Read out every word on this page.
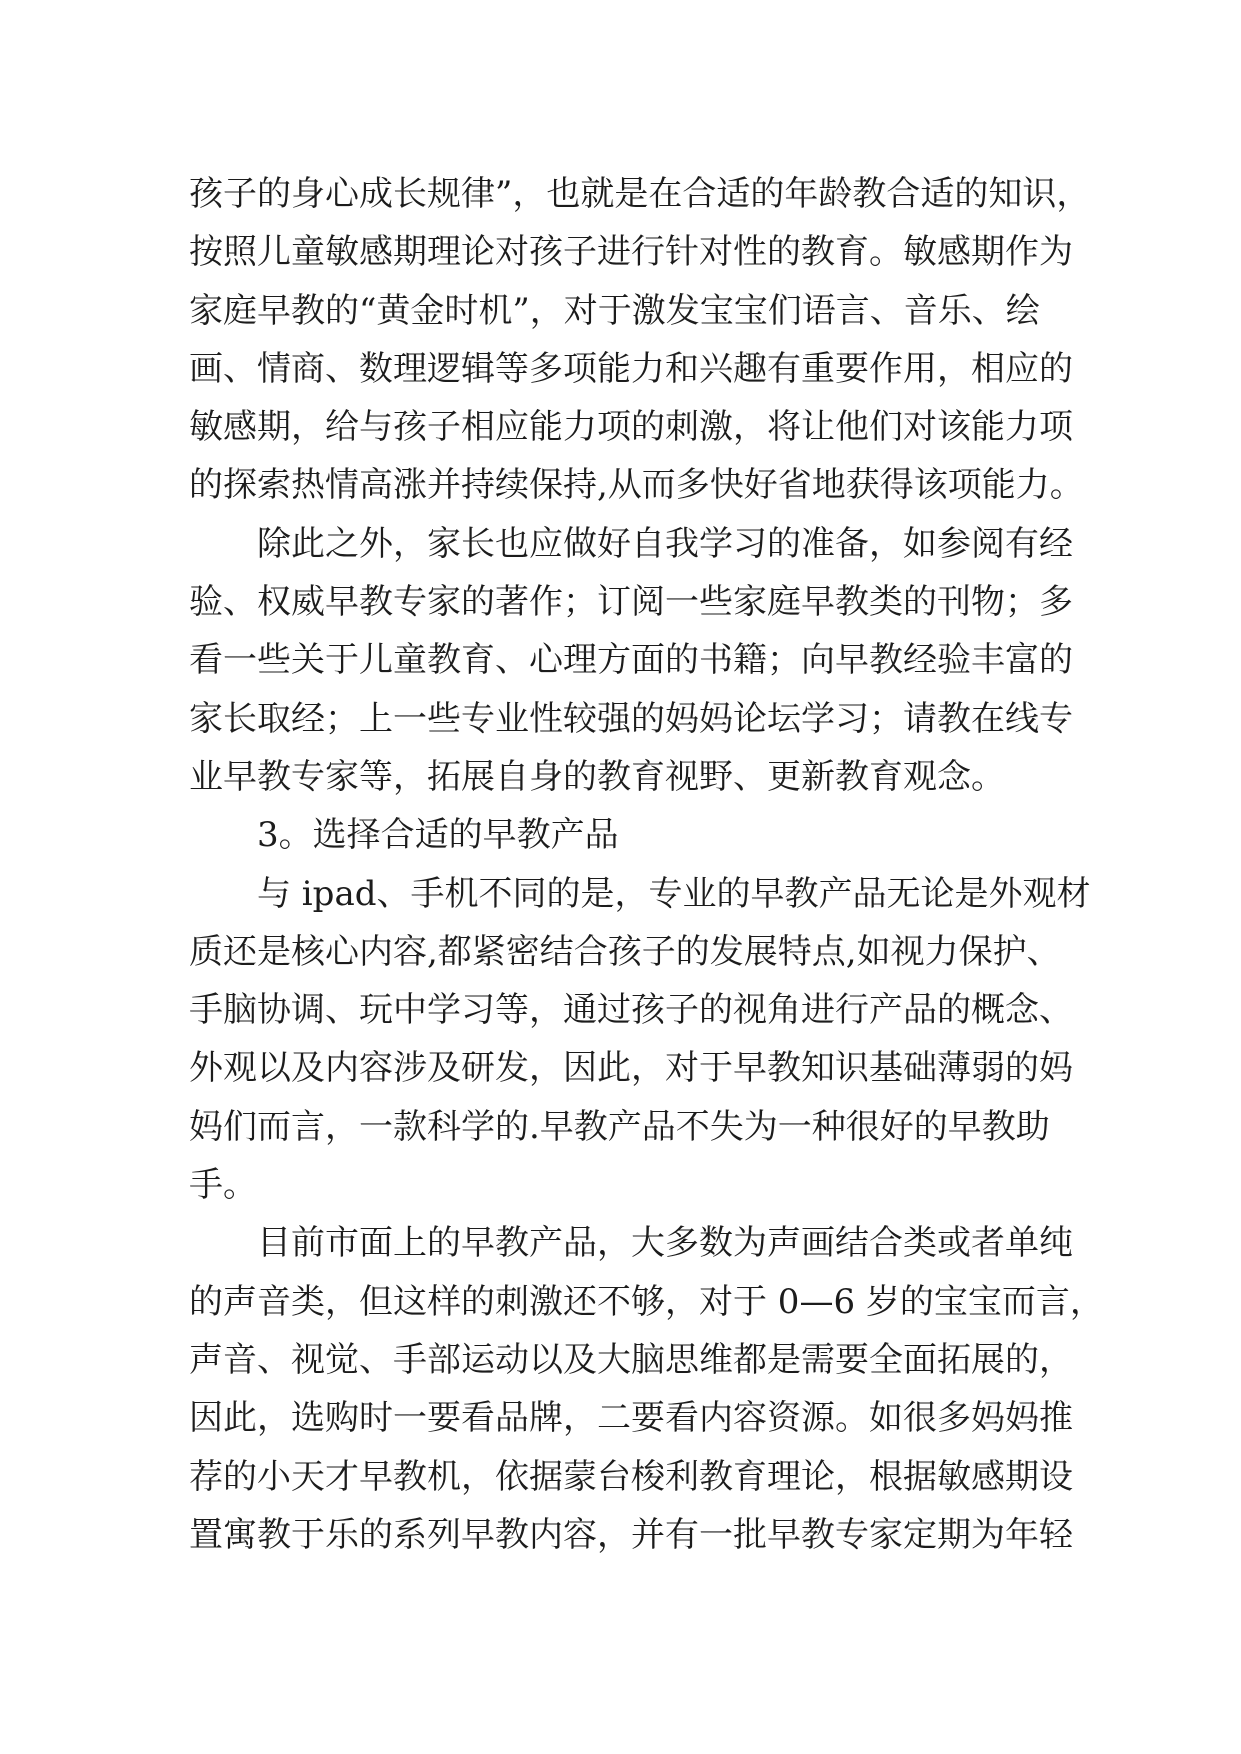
孩子的身心成长规律”，也就是在合适的年龄教合适的知识，
按照儿童敏感期理论对孩子进行针对性的教育。敏感期作为
家庭早教的“黄金时机”，对于激发宝宝们语言、音乐、绘
画、情商、数理逻辑等多项能力和兴趣有重要作用，相应的
敏感期，给与孩子相应能力项的刺激，将让他们对该能力项
的探索热情高涨并持续保持,从而多快好省地获得该项能力。
除此之外，家长也应做好自我学习的准备，如参阅有经
验、权威早教专家的著作；订阅一些家庭早教类的刊物；多
看一些关于儿童教育、心理方面的书籍；向早教经验丰富的
家长取经；上一些专业性较强的妈妈论坛学习；请教在线专
业早教专家等，拓展自身的教育视野、更新教育观念。
3。选择合适的早教产品
与 ipad、手机不同的是，专业的早教产品无论是外观材
质还是核心内容,都紧密结合孩子的发展特点,如视力保护、
手脑协调、玩中学习等，通过孩子的视角进行产品的概念、
外观以及内容涉及研发，因此，对于早教知识基础薄弱的妈
妈们而言，一款科学的.早教产品不失为一种很好的早教助
手。
目前市面上的早教产品，大多数为声画结合类或者单纯
的声音类，但这样的刺激还不够，对于 0—6 岁的宝宝而言，
声音、视觉、手部运动以及大脑思维都是需要全面拓展的，
因此，选购时一要看品牌，二要看内容资源。如很多妈妈推
荐的小天才早教机，依据蒙台梭利教育理论，根据敏感期设
置寓教于乐的系列早教内容，并有一批早教专家定期为年轻
